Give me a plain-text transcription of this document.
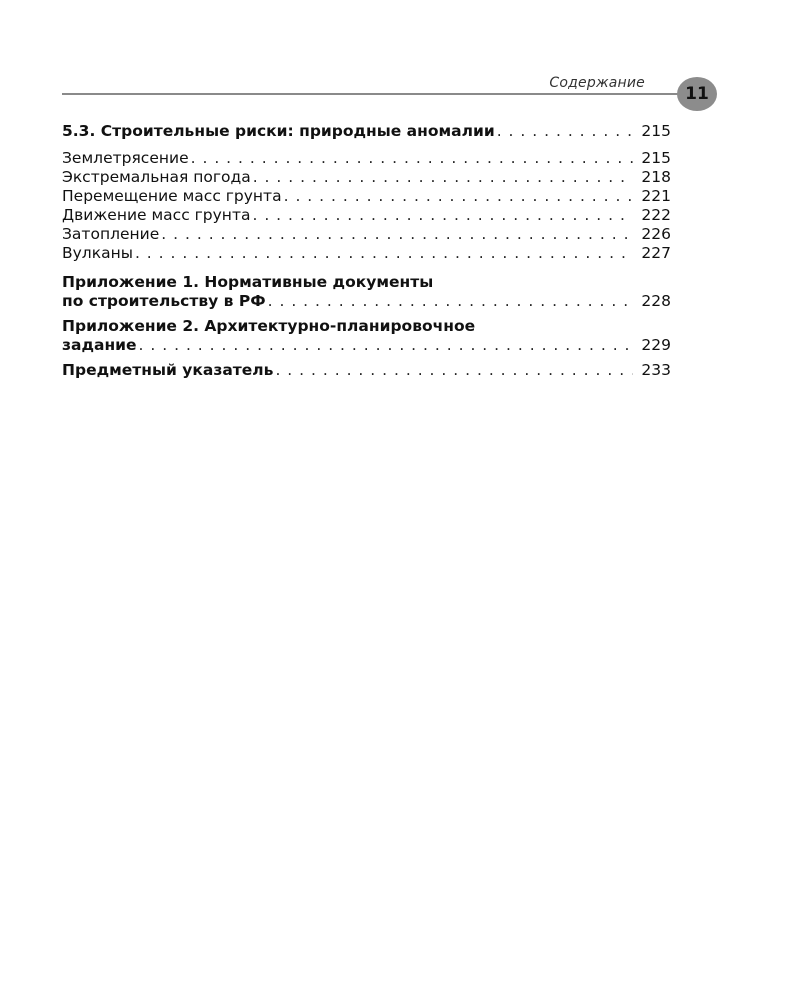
Содержание
11
5.3. Строительные риски: природные аномалии . . .	215
Землетрясение . . .	215
Экстремальная погода . . .	218
Перемещение масс грунта . . .	221
Движение масс грунта . . .	222
Затопление . . .	226
Вулканы . . .	227
Приложение 1. Нормативные документы
по строительству в РФ . . .	228
Приложение 2. Архитектурно-планировочное
задание . . .	229
Предметный указатель . . .	233
